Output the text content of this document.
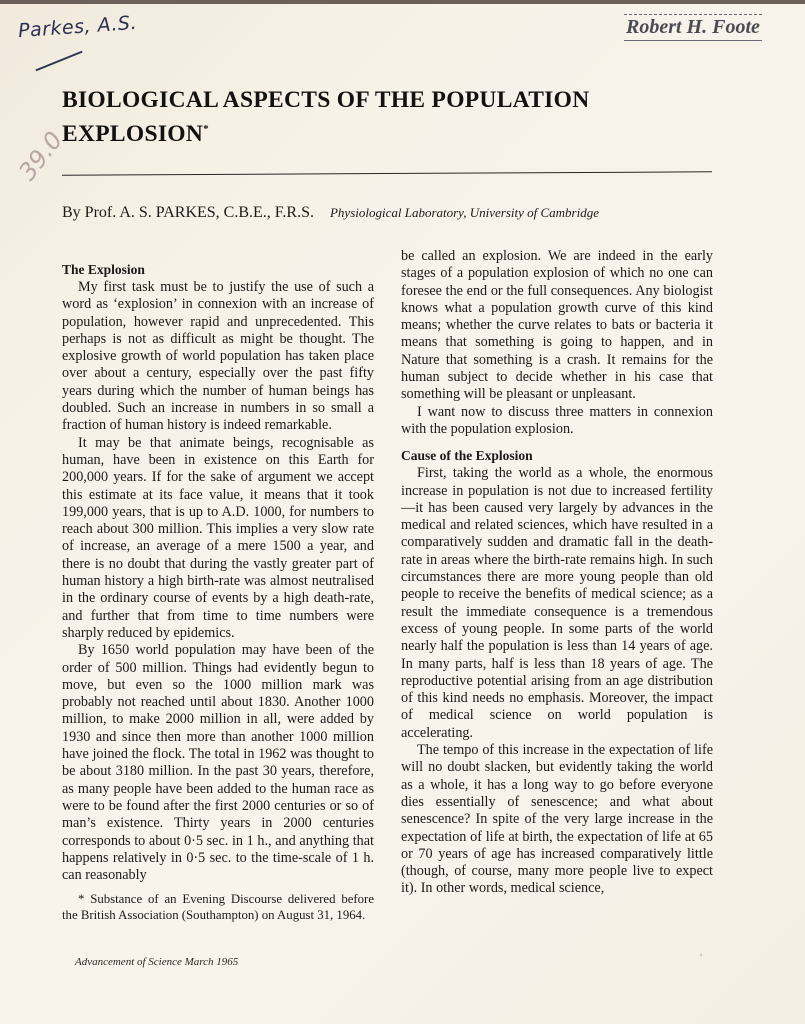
Parkes, A.S.
39.0
Robert H. Foote
BIOLOGICAL ASPECTS OF THE POPULATION EXPLOSION*
By Prof. A. S. PARKES, C.B.E., F.R.S. Physiological Laboratory, University of Cambridge
The Explosion

My first task must be to justify the use of such a word as ‘explosion’ in connexion with an increase of population, however rapid and unprecedented. This perhaps is not as difficult as might be thought. The explosive growth of world population has taken place over about a century, especially over the past fifty years during which the number of human beings has doubled. Such an increase in numbers in so small a fraction of human history is indeed remarkable.

It may be that animate beings, recognisable as human, have been in existence on this Earth for 200,000 years. If for the sake of argument we accept this estimate at its face value, it means that it took 199,000 years, that is up to A.D. 1000, for numbers to reach about 300 million. This implies a very slow rate of increase, an average of a mere 1500 a year, and there is no doubt that during the vastly greater part of human history a high birth-rate was almost neutralised in the ordinary course of events by a high death-rate, and further that from time to time numbers were sharply reduced by epidemics.

By 1650 world population may have been of the order of 500 million. Things had evidently begun to move, but even so the 1000 million mark was probably not reached until about 1830. Another 1000 million, to make 2000 million in all, were added by 1930 and since then more than another 1000 million have joined the flock. The total in 1962 was thought to be about 3180 million. In the past 30 years, therefore, as many people have been added to the human race as were to be found after the first 2000 centuries or so of man’s existence. Thirty years in 2000 centuries corresponds to about 0·5 sec. in 1 h., and anything that happens relatively in 0·5 sec. to the time-scale of 1 h. can reasonably

* Substance of an Evening Discourse delivered before the British Association (Southampton) on August 31, 1964.

be called an explosion. We are indeed in the early stages of a population explosion of which no one can foresee the end or the full consequences. Any biologist knows what a population growth curve of this kind means; whether the curve relates to bats or bacteria it means that something is going to happen, and in Nature that something is a crash. It remains for the human subject to decide whether in his case that something will be pleasant or unpleasant.

I want now to discuss three matters in connexion with the population explosion.

Cause of the Explosion

First, taking the world as a whole, the enormous increase in population is not due to increased fertility—it has been caused very largely by advances in the medical and related sciences, which have resulted in a comparatively sudden and dramatic fall in the death-rate in areas where the birth-rate remains high. In such circumstances there are more young people than old people to receive the benefits of medical science; as a result the immediate consequence is a tremendous excess of young people. In some parts of the world nearly half the population is less than 14 years of age. In many parts, half is less than 18 years of age. The reproductive potential arising from an age distribution of this kind needs no emphasis. Moreover, the impact of medical science on world population is accelerating.

The tempo of this increase in the expectation of life will no doubt slacken, but evidently taking the world as a whole, it has a long way to go before everyone dies essentially of senescence; and what about senescence? In spite of the very large increase in the expectation of life at birth, the expectation of life at 65 or 70 years of age has increased comparatively little (though, of course, many more people live to expect it). In other words, medical science,

Advancement of Science March 1965
,
